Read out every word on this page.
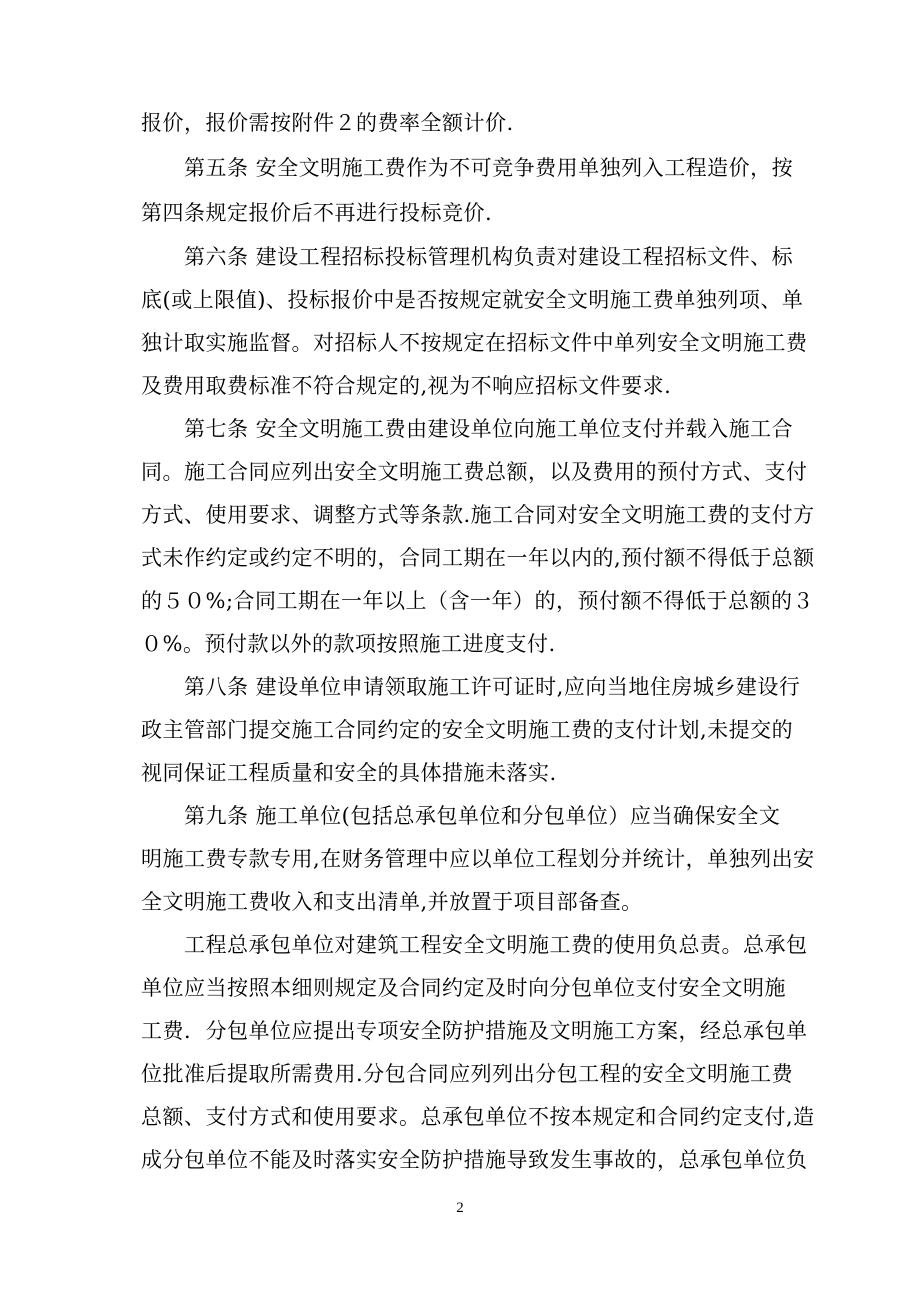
报价，报价需按附件２的费率全额计价.
第五条 安全文明施工费作为不可竞争费用单独列入工程造价，按
第四条规定报价后不再进行投标竞价.
第六条 建设工程招标投标管理机构负责对建设工程招标文件、标
底(或上限值)、投标报价中是否按规定就安全文明施工费单独列项、单
独计取实施监督。对招标人不按规定在招标文件中单列安全文明施工费
及费用取费标准不符合规定的,视为不响应招标文件要求.
第七条 安全文明施工费由建设单位向施工单位支付并载入施工合
同。施工合同应列出安全文明施工费总额，以及费用的预付方式、支付
方式、使用要求、调整方式等条款.施工合同对安全文明施工费的支付方
式未作约定或约定不明的，合同工期在一年以内的,预付额不得低于总额
的５０%;合同工期在一年以上（含一年）的，预付额不得低于总额的３
０%。预付款以外的款项按照施工进度支付.
第八条 建设单位申请领取施工许可证时,应向当地住房城乡建设行
政主管部门提交施工合同约定的安全文明施工费的支付计划,未提交的
视同保证工程质量和安全的具体措施未落实.
第九条 施工单位(包括总承包单位和分包单位）应当确保安全文
明施工费专款专用,在财务管理中应以单位工程划分并统计，单独列出安
全文明施工费收入和支出清单,并放置于项目部备查。
工程总承包单位对建筑工程安全文明施工费的使用负总责。总承包
单位应当按照本细则规定及合同约定及时向分包单位支付安全文明施
工费．分包单位应提出专项安全防护措施及文明施工方案，经总承包单
位批准后提取所需费用.分包合同应列列出分包工程的安全文明施工费
总额、支付方式和使用要求。总承包单位不按本规定和合同约定支付,造
成分包单位不能及时落实安全防护措施导致发生事故的，总承包单位负
2
